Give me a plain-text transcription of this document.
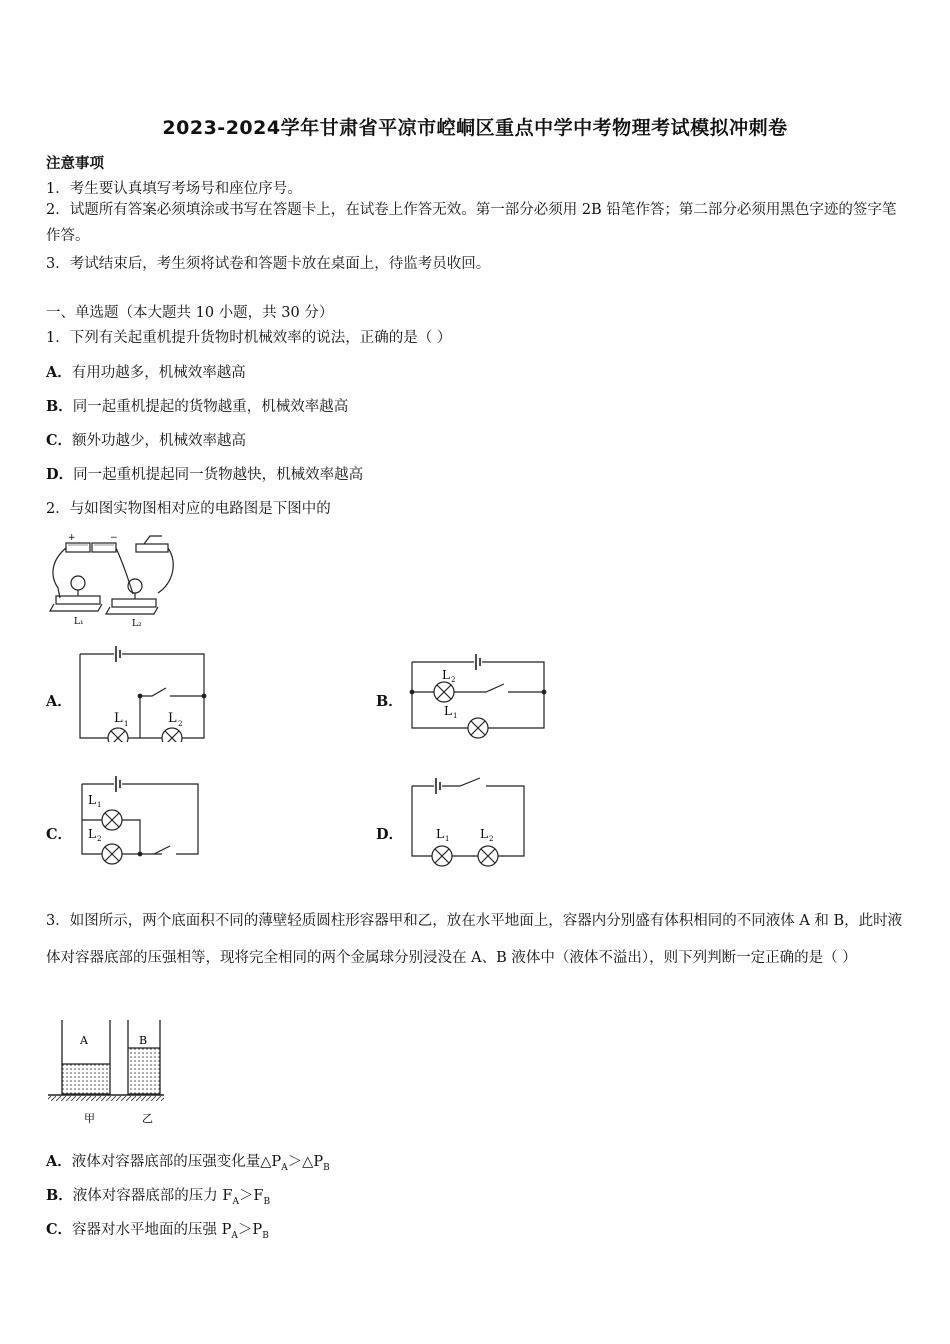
2023-2024学年甘肃省平凉市崆峒区重点中学中考物理考试模拟冲刺卷
注意事项
1．考生要认真填写考场号和座位序号。
2．试题所有答案必须填涂或书写在答题卡上，在试卷上作答无效。第一部分必须用 2B 铅笔作答；第二部分必须用黑色字迹的签字笔作答。
3．考试结束后，考生须将试卷和答题卡放在桌面上，待监考员收回。
一、单选题（本大题共 10 小题，共 30 分）
1．下列有关起重机提升货物时机械效率的说法，正确的是（ ）
A．有用功越多，机械效率越高
B．同一起重机提起的货物越重，机械效率越高
C．额外功越少，机械效率越高
D．同一起重机提起同一货物越快，机械效率越高
2．与如图实物图相对应的电路图是下图中的
+	−
L₁	L₂
A．
L 1	L 2
B．
L 2
L 1
C．
L 1
L 2	D．	L 1	L 2
3．如图所示，两个底面积不同的薄壁轻质圆柱形容器甲和乙，放在水平地面上，容器内分别盛有体积相同的不同液体 A 和 B，此时液体对容器底部的压强相等，现将完全相同的两个金属球分别浸没在 A、B 液体中（液体不溢出），则下列判断一定正确的是（ ）
A	B
甲	乙
A．液体对容器底部的压强变化量$\triangle P_A>\triangle P_B$
B．液体对容器底部的压力 $F_A>F_B$
C．容器对水平地面的压强 $P_A>P_B$
